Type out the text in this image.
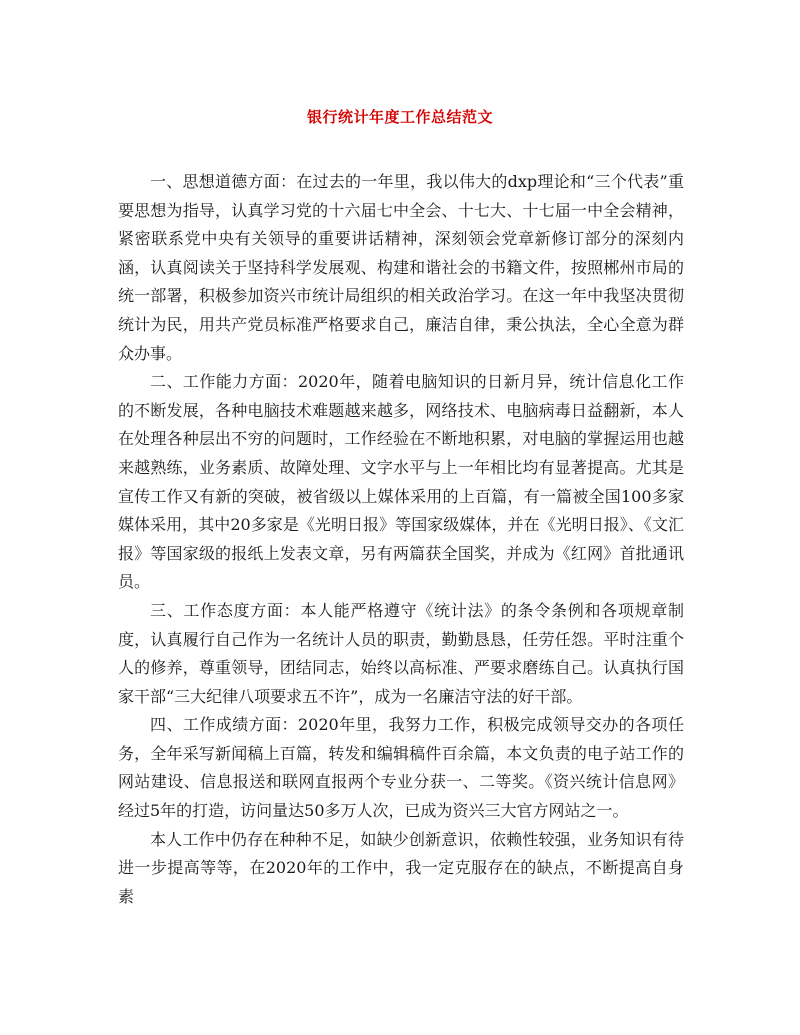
银行统计年度工作总结范文

一、思想道德方面：在过去的一年里，我以伟大的dxp理论和“三个代表”重要思想为指导，认真学习党的十六届七中全会、十七大、十七届一中全会精神，紧密联系党中央有关领导的重要讲话精神，深刻领会党章新修订部分的深刻内涵，认真阅读关于坚持科学发展观、构建和谐社会的书籍文件，按照郴州市局的统一部署，积极参加资兴市统计局组织的相关政治学习。在这一年中我坚决贯彻统计为民，用共产党员标准严格要求自己，廉洁自律，秉公执法，全心全意为群众办事。

二、工作能力方面：2020年，随着电脑知识的日新月异，统计信息化工作的不断发展，各种电脑技术难题越来越多，网络技术、电脑病毒日益翻新，本人在处理各种层出不穷的问题时，工作经验在不断地积累，对电脑的掌握运用也越来越熟练，业务素质、故障处理、文字水平与上一年相比均有显著提高。尤其是宣传工作又有新的突破，被省级以上媒体采用的上百篇，有一篇被全国100多家媒体采用，其中20多家是《光明日报》等国家级媒体，并在《光明日报》、《文汇报》等国家级的报纸上发表文章，另有两篇获全国奖，并成为《红网》首批通讯员。

三、工作态度方面：本人能严格遵守《统计法》的条令条例和各项规章制度，认真履行自己作为一名统计人员的职责，勤勤恳恳，任劳任怨。平时注重个人的修养，尊重领导，团结同志，始终以高标准、严要求磨练自己。认真执行国家干部“三大纪律八项要求五不许”，成为一名廉洁守法的好干部。

四、工作成绩方面：2020年里，我努力工作，积极完成领导交办的各项任务，全年采写新闻稿上百篇，转发和编辑稿件百余篇，本文负责的电子站工作的网站建设、信息报送和联网直报两个专业分获一、二等奖。《资兴统计信息网》经过5年的打造，访问量达50多万人次，已成为资兴三大官方网站之一。

本人工作中仍存在种种不足，如缺少创新意识，依赖性较强，业务知识有待进一步提高等等，在2020年的工作中，我一定克服存在的缺点，不断提高自身素
